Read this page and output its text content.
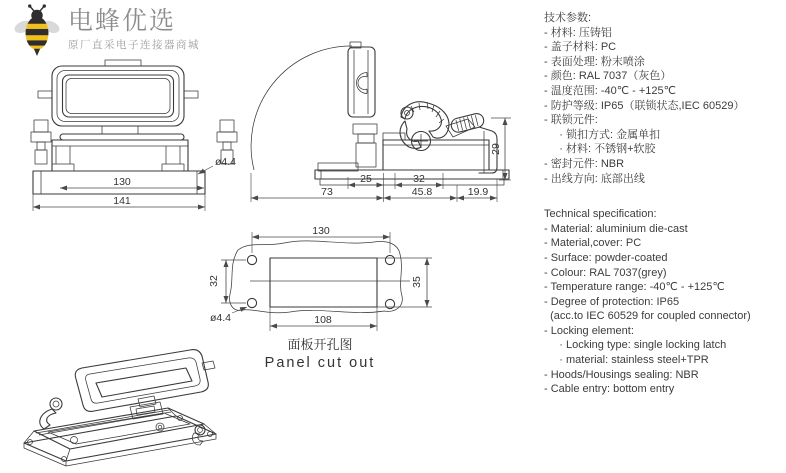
电蜂优选
原厂直采电子连接器商城
130
141
ø4.4
25	32
73	45.8	19.9
29
130
32	35
108
ø4.4
面板开孔图
Panel cut out
技术参数:
- 材料: 压铸铝
- 盖子材料: PC
- 表面处理: 粉末喷涂
- 颜色: RAL 7037（灰色）
- 温度范围: -40℃ - +125℃
- 防护等级: IP65（联锁状态,IEC 60529）
- 联锁元件:
· 锁扣方式: 金属单扣
· 材料: 不锈钢+软胶
- 密封元件: NBR
- 出线方向: 底部出线
Technical specification:
- Material: aluminium die-cast
- Material,cover: PC
- Surface: powder-coated
- Colour: RAL 7037(grey)
- Temperature range: -40℃ - +125℃
- Degree of protection: IP65
(acc.to IEC 60529 for coupled connector)
- Locking element:
· Locking type: single locking latch
· material: stainless steel+TPR
- Hoods/Housings sealing: NBR
- Cable entry: bottom entry
